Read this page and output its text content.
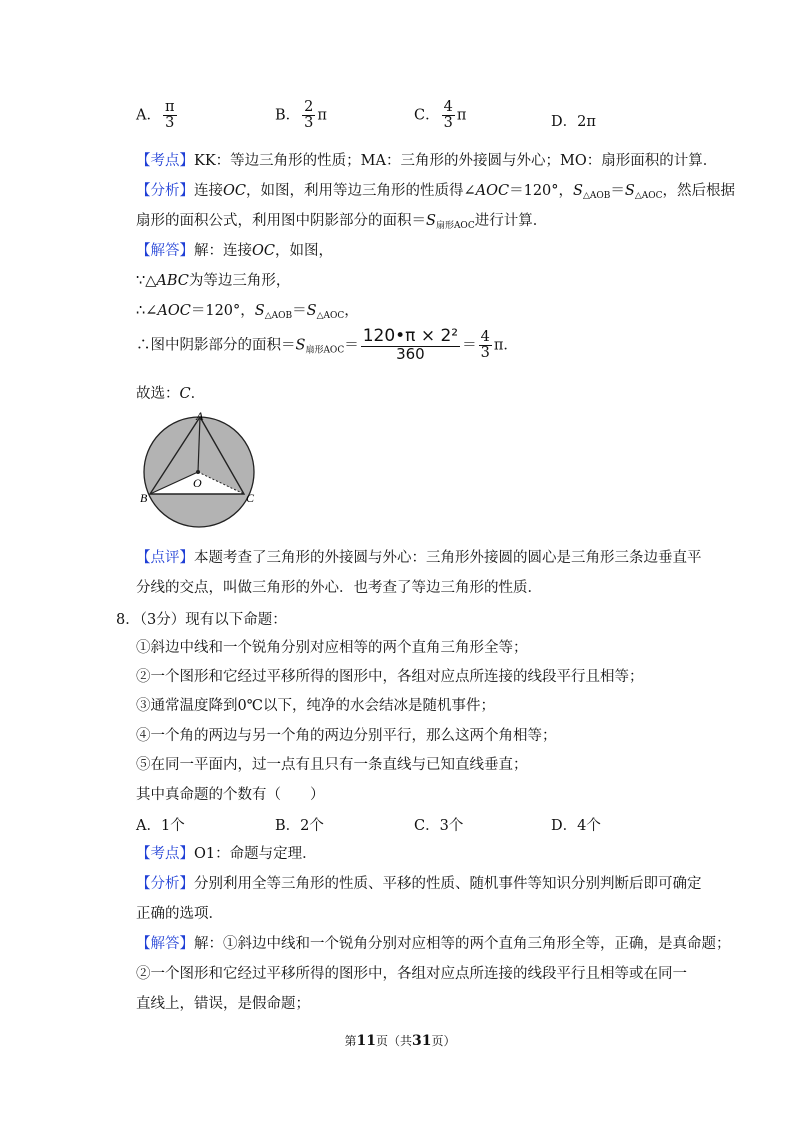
A． $\frac{\pi}{3}$	B． $\frac{2}{3}$ π	C． $\frac{4}{3}$ π	D．2π
【考点】KK：等边三角形的性质；MA：三角形的外接圆与外心；MO：扇形面积的计算．
【分析】连接OC，如图，利用等边三角形的性质得∠AOC＝120°，$S_{\triangle AOB}=S_{\triangle AOC}$，然后根据
扇形的面积公式，利用图中阴影部分的面积$=S_{扇形AOC}$进行计算．
【解答】解：连接OC，如图，
∵△ABC为等边三角形，
∴∠AOC＝120°，$S_{\triangle AOB}=S_{\triangle AOC}$，
∴图中阴影部分的面积$=S_{扇形AOC}= \frac{\text{120•π × 2²}}{360} = \frac{4}{3}$ π．
故选：C．
A
B	C
O
【点评】本题考查了三角形的外接圆与外心：三角形外接圆的圆心是三角形三条边垂直平
分线的交点，叫做三角形的外心．也考查了等边三角形的性质．
8．（3分）现有以下命题：
①斜边中线和一个锐角分别对应相等的两个直角三角形全等；
②一个图形和它经过平移所得的图形中，各组对应点所连接的线段平行且相等；
③通常温度降到0℃以下，纯净的水会结冰是随机事件；
④一个角的两边与另一个角的两边分别平行，那么这两个角相等；
⑤在同一平面内，过一点有且只有一条直线与已知直线垂直；
其中真命题的个数有（　　）
A．1个	B．2个	C．3个	D．4个
【考点】O1：命题与定理．
【分析】分别利用全等三角形的性质、平移的性质、随机事件等知识分别判断后即可确定
正确的选项．
【解答】解：①斜边中线和一个锐角分别对应相等的两个直角三角形全等，正确，是真命题；
②一个图形和它经过平移所得的图形中，各组对应点所连接的线段平行且相等或在同一
直线上，错误，是假命题；
第11页（共31页）
